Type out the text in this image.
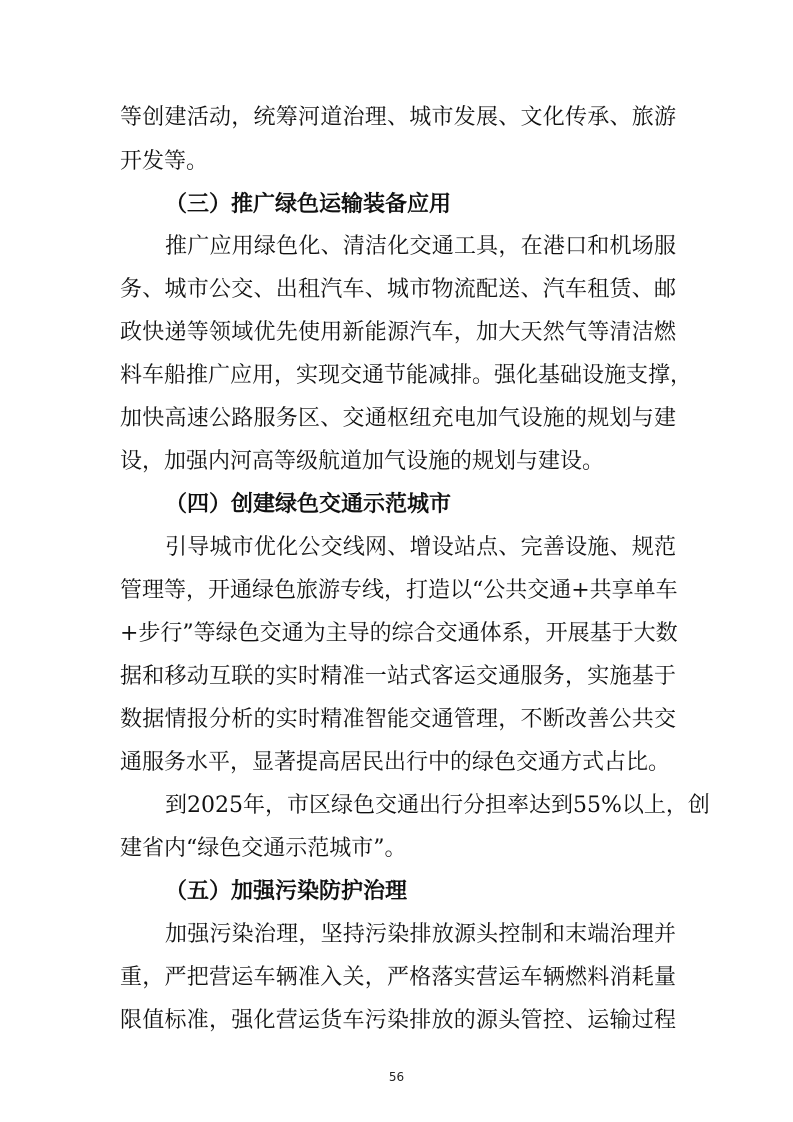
等创建活动，统筹河道治理、城市发展、文化传承、旅游
开发等。
（三）推广绿色运输装备应用
推广应用绿色化、清洁化交通工具，在港口和机场服
务、城市公交、出租汽车、城市物流配送、汽车租赁、邮
政快递等领域优先使用新能源汽车，加大天然气等清洁燃
料车船推广应用，实现交通节能减排。强化基础设施支撑，
加快高速公路服务区、交通枢纽充电加气设施的规划与建
设，加强内河高等级航道加气设施的规划与建设。
（四）创建绿色交通示范城市
引导城市优化公交线网、增设站点、完善设施、规范
管理等，开通绿色旅游专线，打造以“公共交通+共享单车
+步行”等绿色交通为主导的综合交通体系，开展基于大数
据和移动互联的实时精准一站式客运交通服务，实施基于
数据情报分析的实时精准智能交通管理，不断改善公共交
通服务水平，显著提高居民出行中的绿色交通方式占比。
到2025年，市区绿色交通出行分担率达到55%以上，创
建省内“绿色交通示范城市”。
（五）加强污染防护治理
加强污染治理，坚持污染排放源头控制和末端治理并
重，严把营运车辆准入关，严格落实营运车辆燃料消耗量
限值标准，强化营运货车污染排放的源头管控、运输过程
56
